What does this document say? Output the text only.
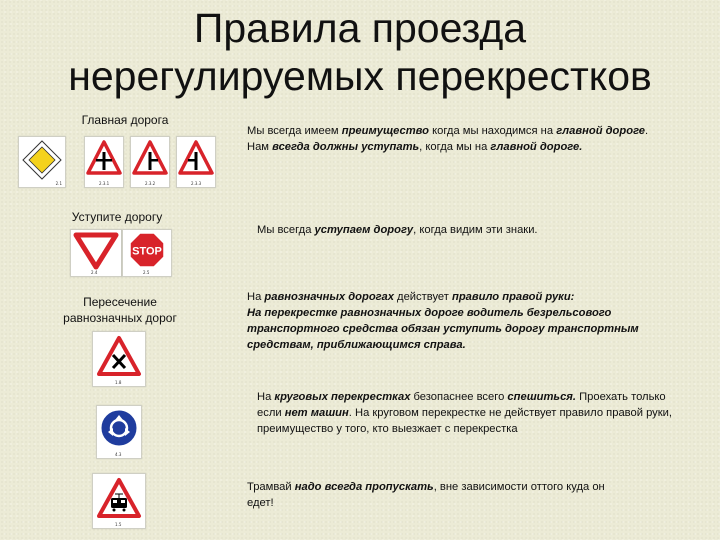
Правила проезда
нерегулируемых перекрестков
Главная дорога
2.1	2.3.1	2.3.2	2.3.3
Мы всегда имеем преимущество когда мы находимся на главной дороге. Нам всегда должны уступать, когда мы на главной дороге.
Уступите дорогу
2.4
STOP
2.5
Мы всегда уступаем дорогу, когда видим эти знаки.
Пересечение равнозначных дорог
1.8
На равнозначных дорогах действует правило правой руки:
На перекрестке равнозначных дороге водитель безрельсового транспортного средства обязан уступить дорогу транспортным средствам, приближающимся справа.
4.3
На круговых перекрестках безопаснее всего спешиться. Проехать только если нет машин. На круговом перекрестке не действует правило правой руки, преимущество у того, кто выезжает с перекрестка
1.5
Трамвай надо всегда пропускать, вне зависимости оттого куда он едет!
